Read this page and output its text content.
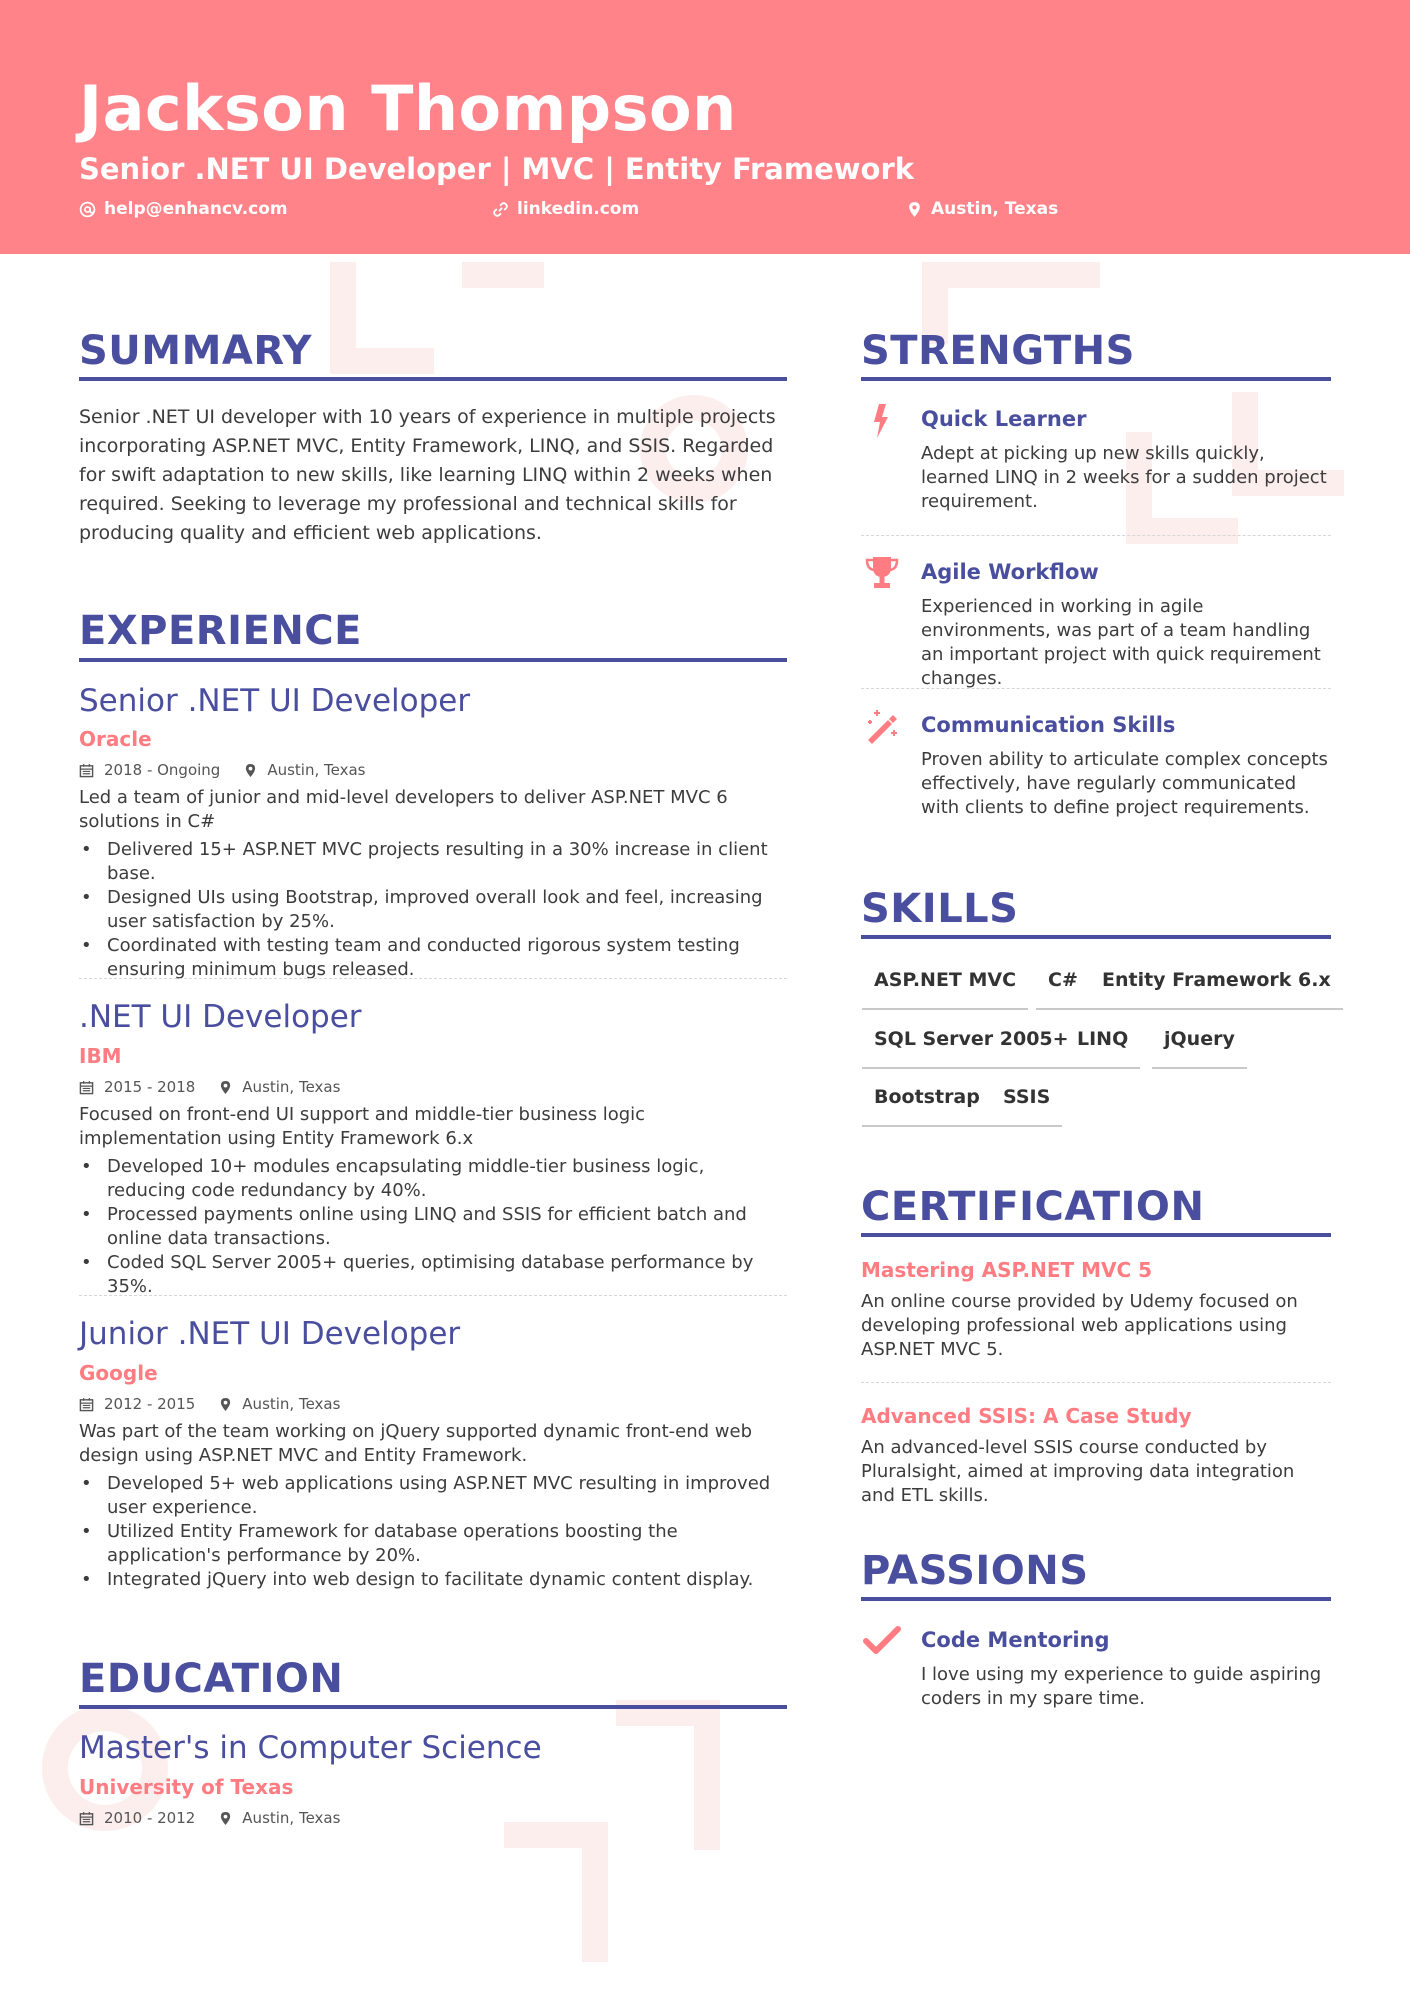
Jackson Thompson
Senior .NET UI Developer | MVC | Entity Framework
help@enhancv.com	linkedin.com	Austin, Texas
SUMMARY
Senior .NET UI developer with 10 years of experience in multiple projects incorporating ASP.NET MVC, Entity Framework, LINQ, and SSIS. Regarded for swift adaptation to new skills, like learning LINQ within 2 weeks when required. Seeking to leverage my professional and technical skills for producing quality and efficient web applications.
EXPERIENCE
Senior .NET UI Developer
Oracle
2018 - Ongoing	Austin, Texas
Led a team of junior and mid-level developers to deliver ASP.NET MVC 6 solutions in C#
• Delivered 15+ ASP.NET MVC projects resulting in a 30% increase in client base.
• Designed UIs using Bootstrap, improved overall look and feel, increasing user satisfaction by 25%.
• Coordinated with testing team and conducted rigorous system testing ensuring minimum bugs released.
.NET UI Developer
IBM
2015 - 2018	Austin, Texas
Focused on front-end UI support and middle-tier business logic implementation using Entity Framework 6.x
• Developed 10+ modules encapsulating middle-tier business logic, reducing code redundancy by 40%.
• Processed payments online using LINQ and SSIS for efficient batch and online data transactions.
• Coded SQL Server 2005+ queries, optimising database performance by 35%.
Junior .NET UI Developer
Google
2012 - 2015	Austin, Texas
Was part of the team working on jQuery supported dynamic front-end web design using ASP.NET MVC and Entity Framework.
• Developed 5+ web applications using ASP.NET MVC resulting in improved user experience.
• Utilized Entity Framework for database operations boosting the application's performance by 20%.
• Integrated jQuery into web design to facilitate dynamic content display.
EDUCATION
Master's in Computer Science
University of Texas
2010 - 2012	Austin, Texas
STRENGTHS
Quick Learner
Adept at picking up new skills quickly, learned LINQ in 2 weeks for a sudden project requirement.
Agile Workflow
Experienced in working in agile environments, was part of a team handling an important project with quick requirement changes.
Communication Skills
Proven ability to articulate complex concepts effectively, have regularly communicated with clients to define project requirements.
SKILLS
ASP.NET MVC	C#	Entity Framework 6.x
SQL Server 2005+ LINQ	jQuery
Bootstrap	SSIS
CERTIFICATION
Mastering ASP.NET MVC 5
An online course provided by Udemy focused on developing professional web applications using ASP.NET MVC 5.
Advanced SSIS: A Case Study
An advanced-level SSIS course conducted by Pluralsight, aimed at improving data integration and ETL skills.
PASSIONS
Code Mentoring
I love using my experience to guide aspiring coders in my spare time.
